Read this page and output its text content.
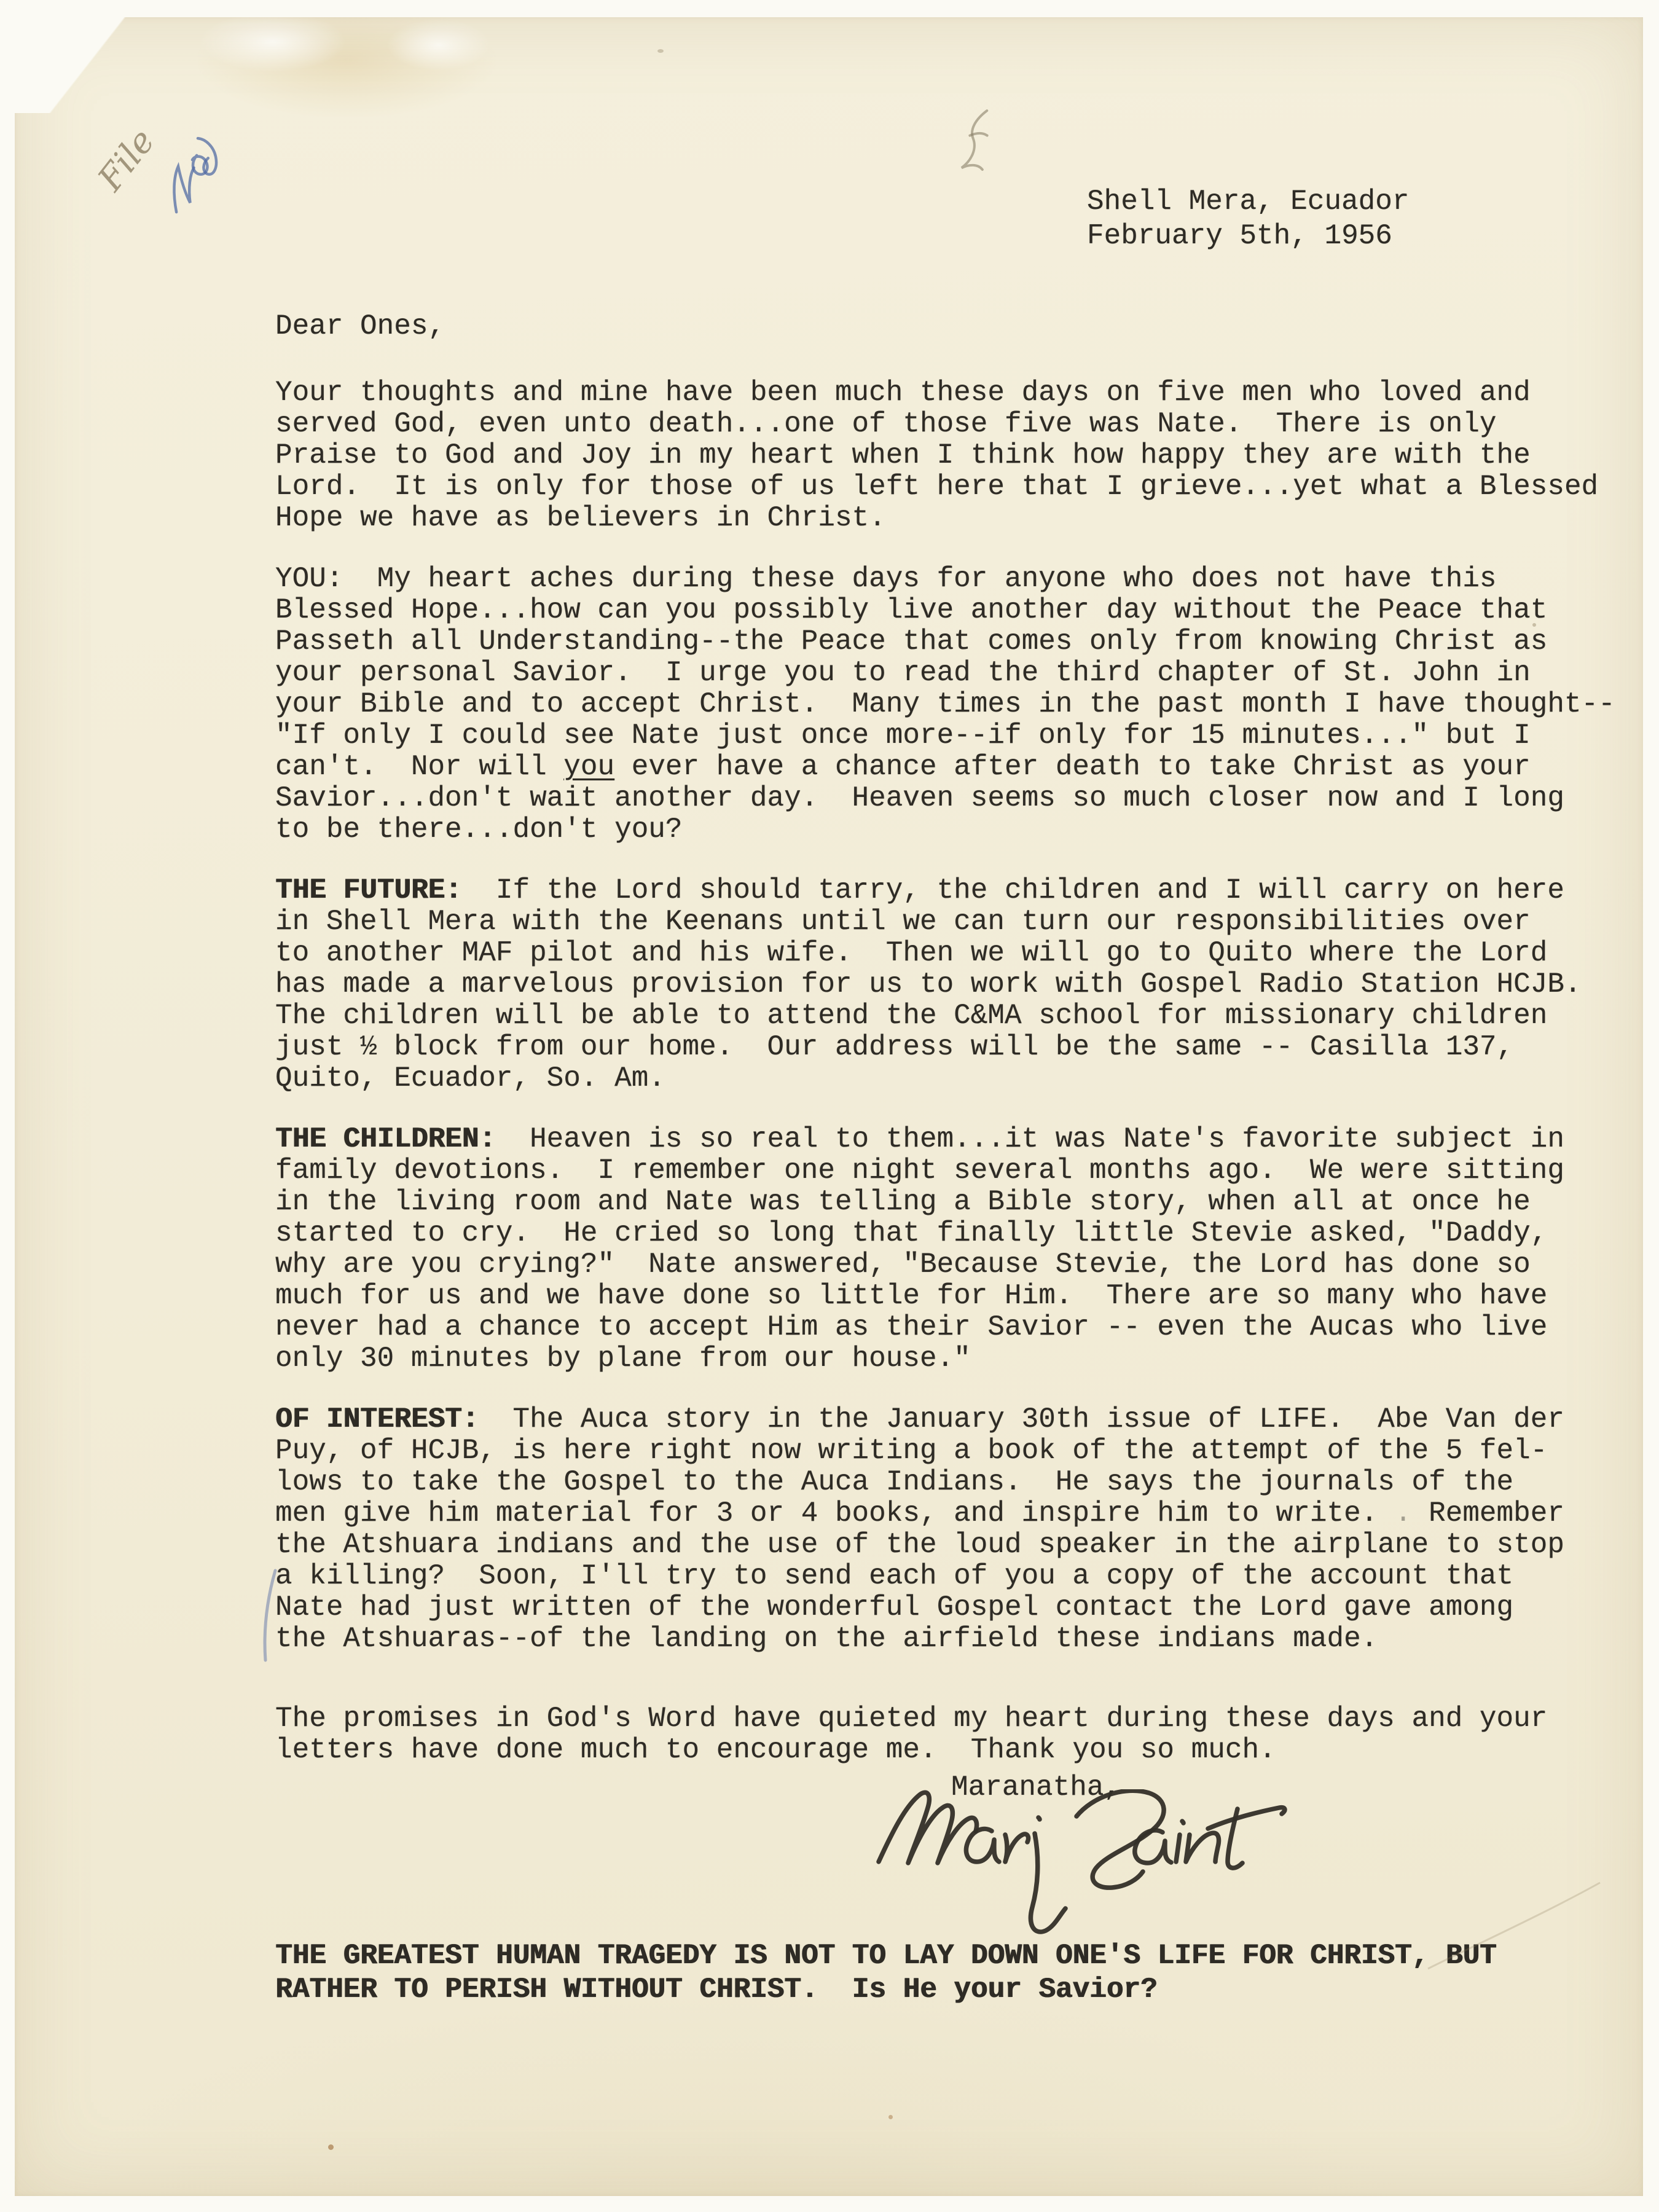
File
Shell Mera, Ecuador
February 5th, 1956
Dear Ones,
Your thoughts and mine have been much these days on five men who loved and
served God, even unto death...one of those five was Nate.  There is only
Praise to God and Joy in my heart when I think how happy they are with the
Lord.  It is only for those of us left here that I grieve...yet what a Blessed
Hope we have as believers in Christ.
YOU:  My heart aches during these days for anyone who does not have this
Blessed Hope...how can you possibly live another day without the Peace that
Passeth all Understanding--the Peace that comes only from knowing Christ as
your personal Savior.  I urge you to read the third chapter of St. John in
your Bible and to accept Christ.  Many times in the past month I have thought--
"If only I could see Nate just once more--if only for 15 minutes..." but I
can't.  Nor will you ever have a chance after death to take Christ as your
Savior...don't wait another day.  Heaven seems so much closer now and I long
to be there...don't you?
THE FUTURE:  If the Lord should tarry, the children and I will carry on here
in Shell Mera with the Keenans until we can turn our responsibilities over
to another MAF pilot and his wife.  Then we will go to Quito where the Lord
has made a marvelous provision for us to work with Gospel Radio Station HCJB.
The children will be able to attend the C&MA school for missionary children
just ½ block from our home.  Our address will be the same -- Casilla 137,
Quito, Ecuador, So. Am.
THE CHILDREN:  Heaven is so real to them...it was Nate's favorite subject in
family devotions.  I remember one night several months ago.  We were sitting
in the living room and Nate was telling a Bible story, when all at once he
started to cry.  He cried so long that finally little Stevie asked, "Daddy,
why are you crying?"  Nate answered, "Because Stevie, the Lord has done so
much for us and we have done so little for Him.  There are so many who have
never had a chance to accept Him as their Savior -- even the Aucas who live
only 30 minutes by plane from our house."
OF INTEREST:  The Auca story in the January 30th issue of LIFE.  Abe Van der
Puy, of HCJB, is here right now writing a book of the attempt of the 5 fel-
lows to take the Gospel to the Auca Indians.  He says the journals of the
men give him material for 3 or 4 books, and inspire him to write. . Remember
the Atshuara indians and the use of the loud speaker in the airplane to stop
a killing?  Soon, I'll try to send each of you a copy of the account that
Nate had just written of the wonderful Gospel contact the Lord gave among
the Atshuaras--of the landing on the airfield these indians made.
The promises in God's Word have quieted my heart during these days and your
letters have done much to encourage me.  Thank you so much.
Maranatha,
THE GREATEST HUMAN TRAGEDY IS NOT TO LAY DOWN ONE'S LIFE FOR CHRIST, BUT
RATHER TO PERISH WITHOUT CHRIST.  Is He your Savior?
